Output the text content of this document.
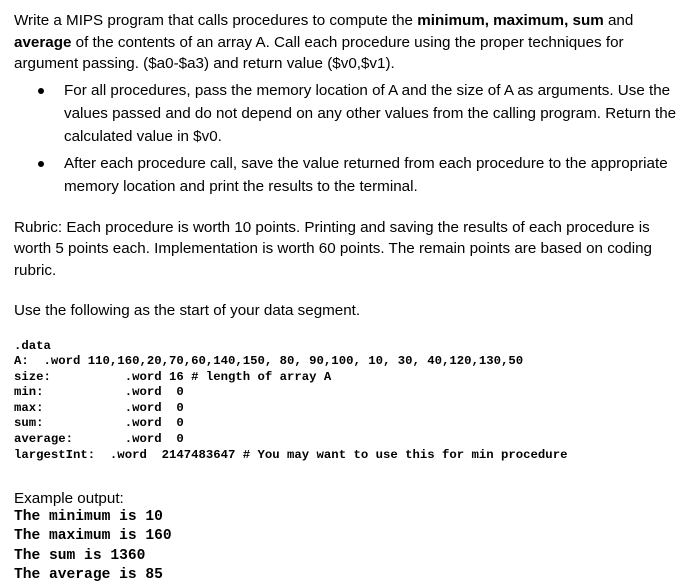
Write a MIPS program that calls procedures to compute the minimum, maximum, sum and average of the contents of an array A. Call each procedure using the proper techniques for argument passing. ($a0-$a3) and return value ($v0,$v1).

For all procedures, pass the memory location of A and the size of A as arguments. Use the values passed and do not depend on any other values from the calling program. Return the calculated value in $v0.
After each procedure call, save the value returned from each procedure to the appropriate memory location and print the results to the terminal.

Rubric: Each procedure is worth 10 points. Printing and saving the results of each procedure is worth 5 points each. Implementation is worth 60 points. The remain points are based on coding rubric.

Use the following as the start of your data segment.

.data
A:  .word 110,160,20,70,60,140,150, 80, 90,100, 10, 30, 40,120,130,50
size:          .word 16 # length of array A
min:           .word  0
max:           .word  0
sum:           .word  0
average:       .word  0
largestInt:  .word  2147483647 # You may want to use this for min procedure
Example output:
The minimum is 10
The maximum is 160
The sum is 1360
The average is 85
